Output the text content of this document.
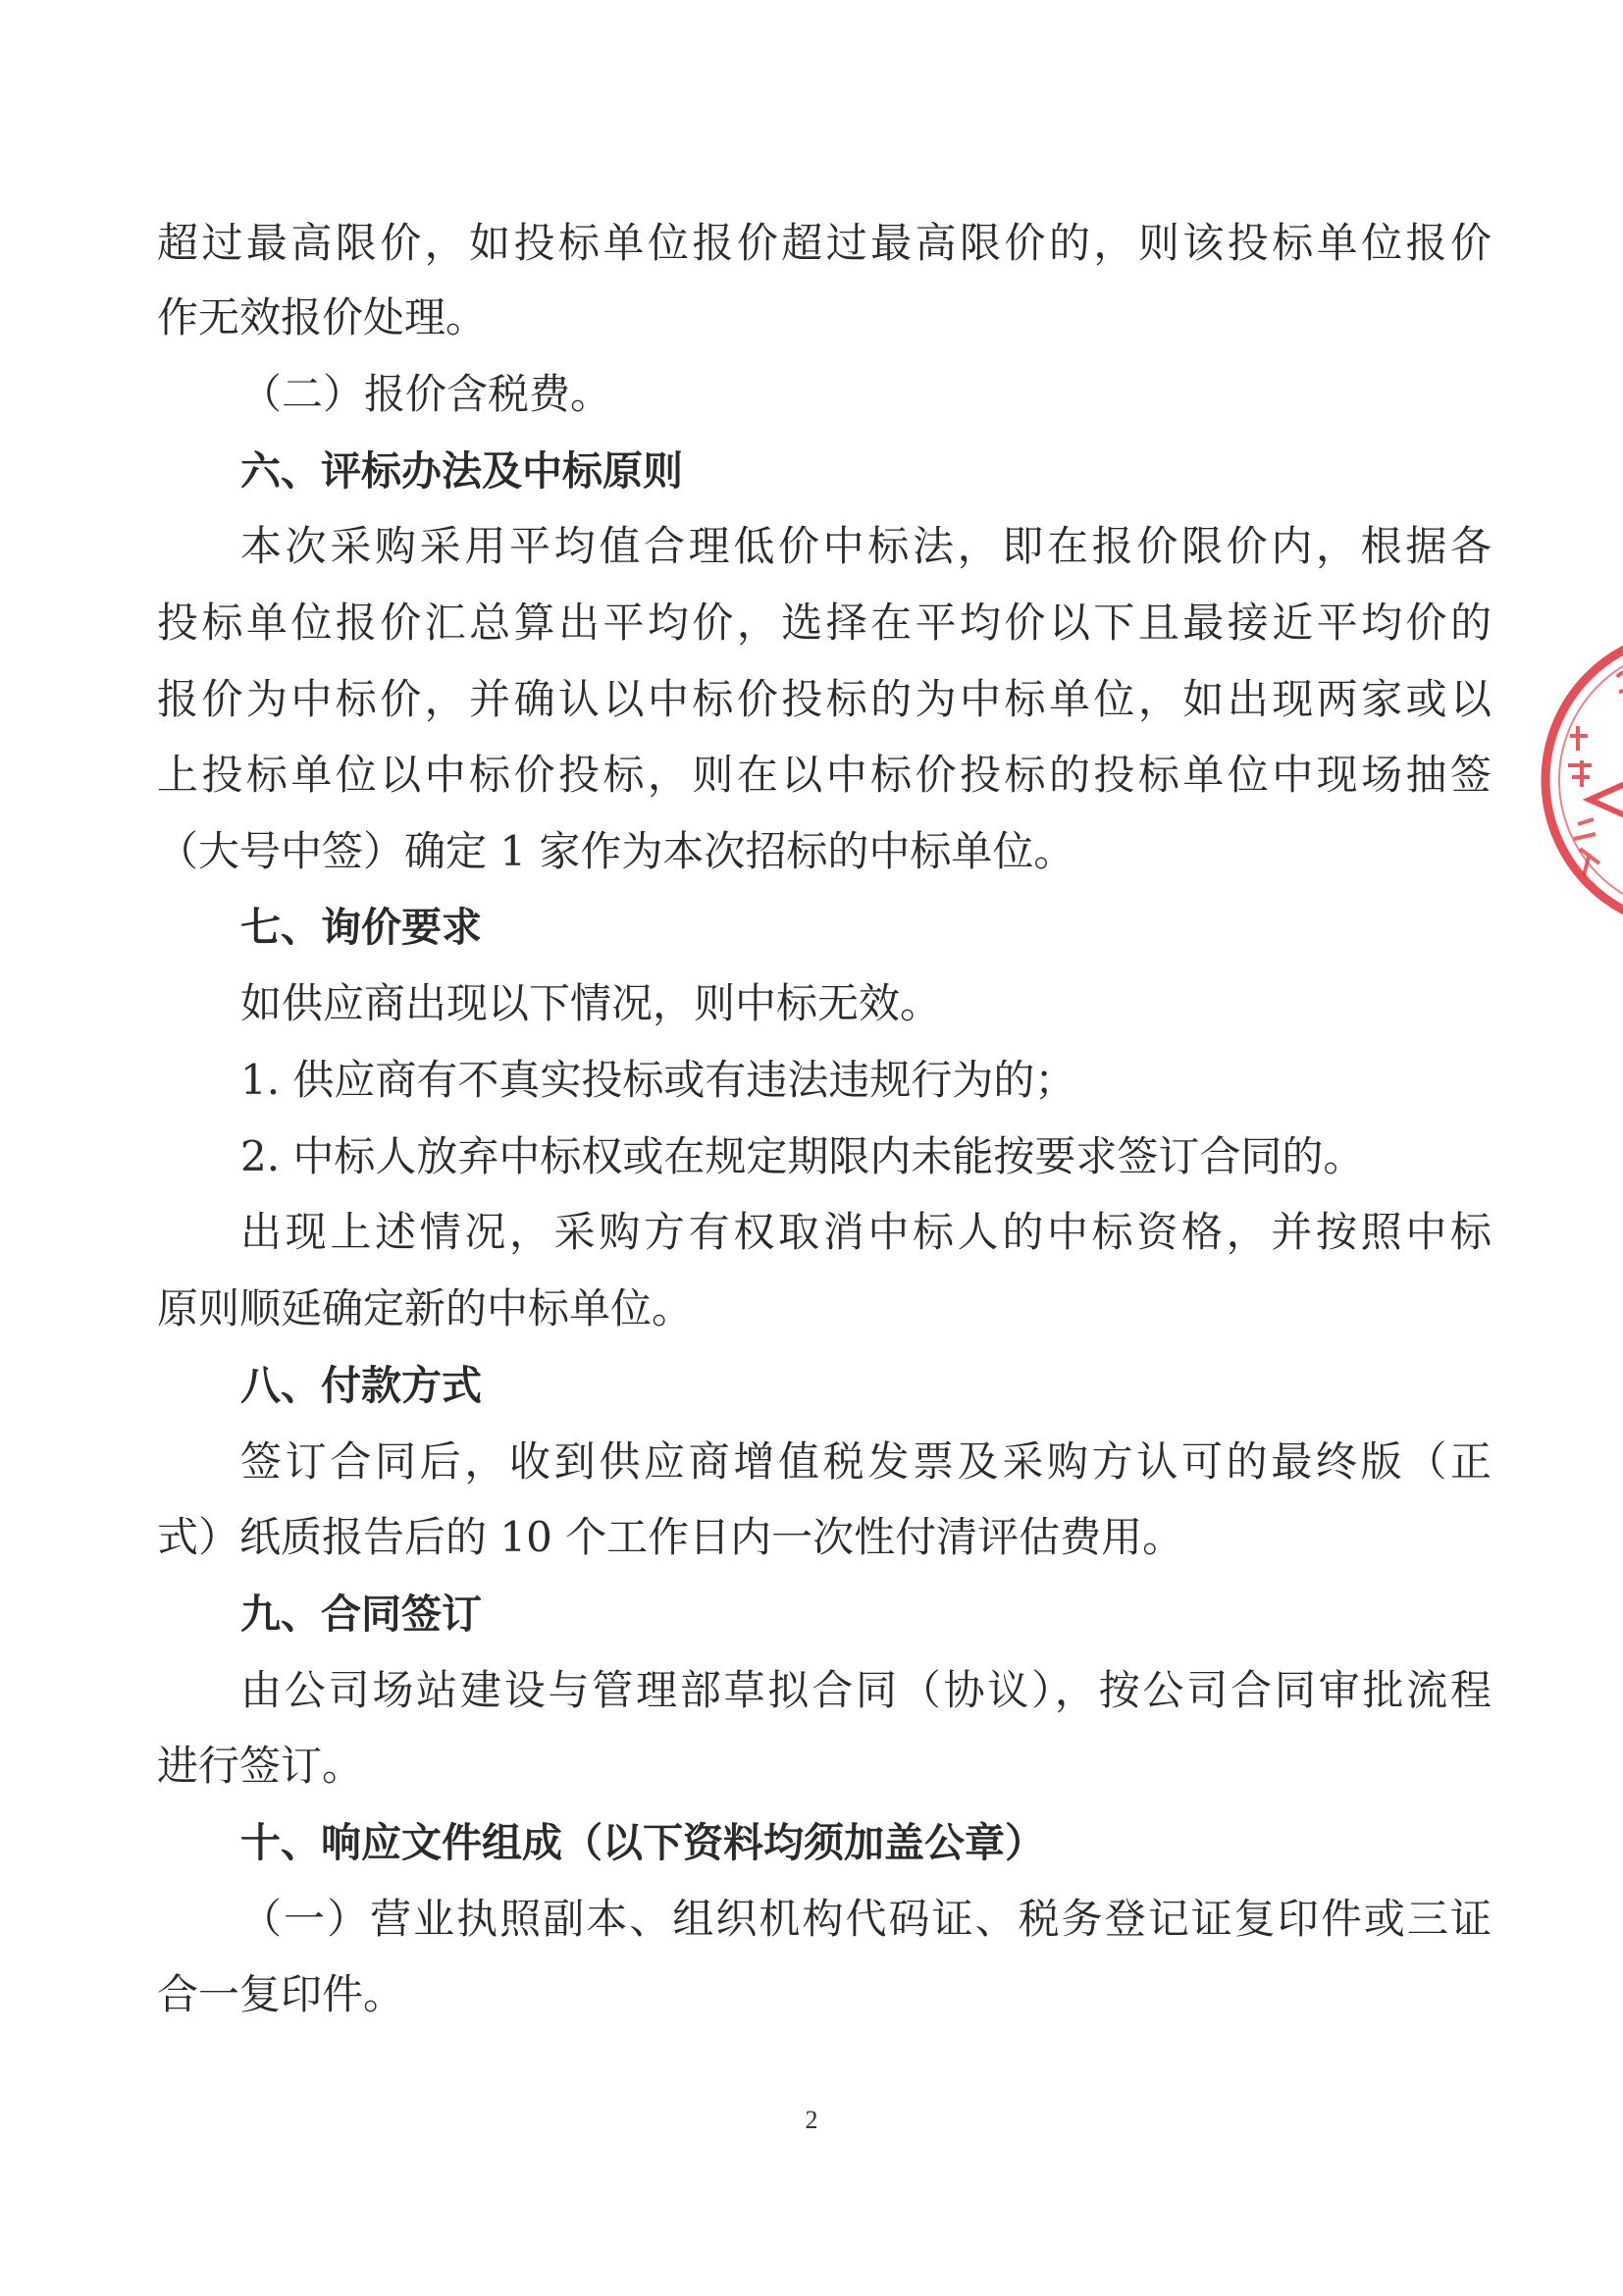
超过最高限价，如投标单位报价超过最高限价的，则该投标单位报价
作无效报价处理。
（二）报价含税费。
六、评标办法及中标原则
本次采购采用平均值合理低价中标法，即在报价限价内，根据各
投标单位报价汇总算出平均价，选择在平均价以下且最接近平均价的
报价为中标价，并确认以中标价投标的为中标单位，如出现两家或以
上投标单位以中标价投标，则在以中标价投标的投标单位中现场抽签
（大号中签）确定 1 家作为本次招标的中标单位。
七、询价要求
如供应商出现以下情况，则中标无效。
1. 供应商有不真实投标或有违法违规行为的；
2. 中标人放弃中标权或在规定期限内未能按要求签订合同的。
出现上述情况，采购方有权取消中标人的中标资格，并按照中标
原则顺延确定新的中标单位。
八、付款方式
签订合同后，收到供应商增值税发票及采购方认可的最终版（正
式）纸质报告后的 10 个工作日内一次性付清评估费用。
九、合同签订
由公司场站建设与管理部草拟合同（协议），按公司合同审批流程
进行签订。
十、响应文件组成（以下资料均须加盖公章）
（一）营业执照副本、组织机构代码证、税务登记证复印件或三证
合一复印件。
2
